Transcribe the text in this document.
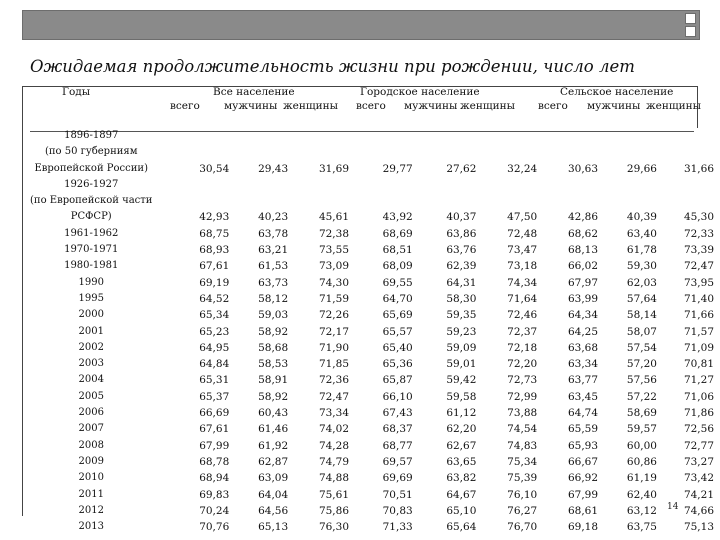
Ожидаемая продолжительность жизни при рождении, число лет
Годы	Все население	Городское население	Сельское население
всего мужчины женщины всего мужчины женщины всего мужчины женщины
1896-1897
(по 50 губерниям
Европейской России)	30,54	29,43	31,69	29,77	27,62	32,24	30,63	29,66	31,66

1926-1927
(по Европейской части
РСФСР)	42,93	40,23	45,61	43,92	40,37	47,50	42,86	40,39	45,30

1961-1962	68,75	63,78	72,38	68,69	63,86	72,48	68,62	63,40	72,33

1970-1971	68,93	63,21	73,55	68,51	63,76	73,47	68,13	61,78	73,39

1980-1981	67,61	61,53	73,09	68,09	62,39	73,18	66,02	59,30	72,47

1990	69,19	63,73	74,30	69,55	64,31	74,34	67,97	62,03	73,95

1995	64,52	58,12	71,59	64,70	58,30	71,64	63,99	57,64	71,40

2000	65,34	59,03	72,26	65,69	59,35	72,46	64,34	58,14	71,66

2001	65,23	58,92	72,17	65,57	59,23	72,37	64,25	58,07	71,57

2002	64,95	58,68	71,90	65,40	59,09	72,18	63,68	57,54	71,09

2003	64,84	58,53	71,85	65,36	59,01	72,20	63,34	57,20	70,81

2004	65,31	58,91	72,36	65,87	59,42	72,73	63,77	57,56	71,27

2005	65,37	58,92	72,47	66,10	59,58	72,99	63,45	57,22	71,06

2006	66,69	60,43	73,34	67,43	61,12	73,88	64,74	58,69	71,86

2007	67,61	61,46	74,02	68,37	62,20	74,54	65,59	59,57	72,56

2008	67,99	61,92	74,28	68,77	62,67	74,83	65,93	60,00	72,77

2009	68,78	62,87	74,79	69,57	63,65	75,34	66,67	60,86	73,27

2010	68,94	63,09	74,88	69,69	63,82	75,39	66,92	61,19	73,42

2011	69,83	64,04	75,61	70,51	64,67	76,10	67,99	62,40	74,21

2012	70,24	64,56	75,86	70,83	65,10	76,27	68,61	63,12	74,66

2013	70,76	65,13	76,30	71,33	65,64	76,70	69,18	63,75	75,13
14
